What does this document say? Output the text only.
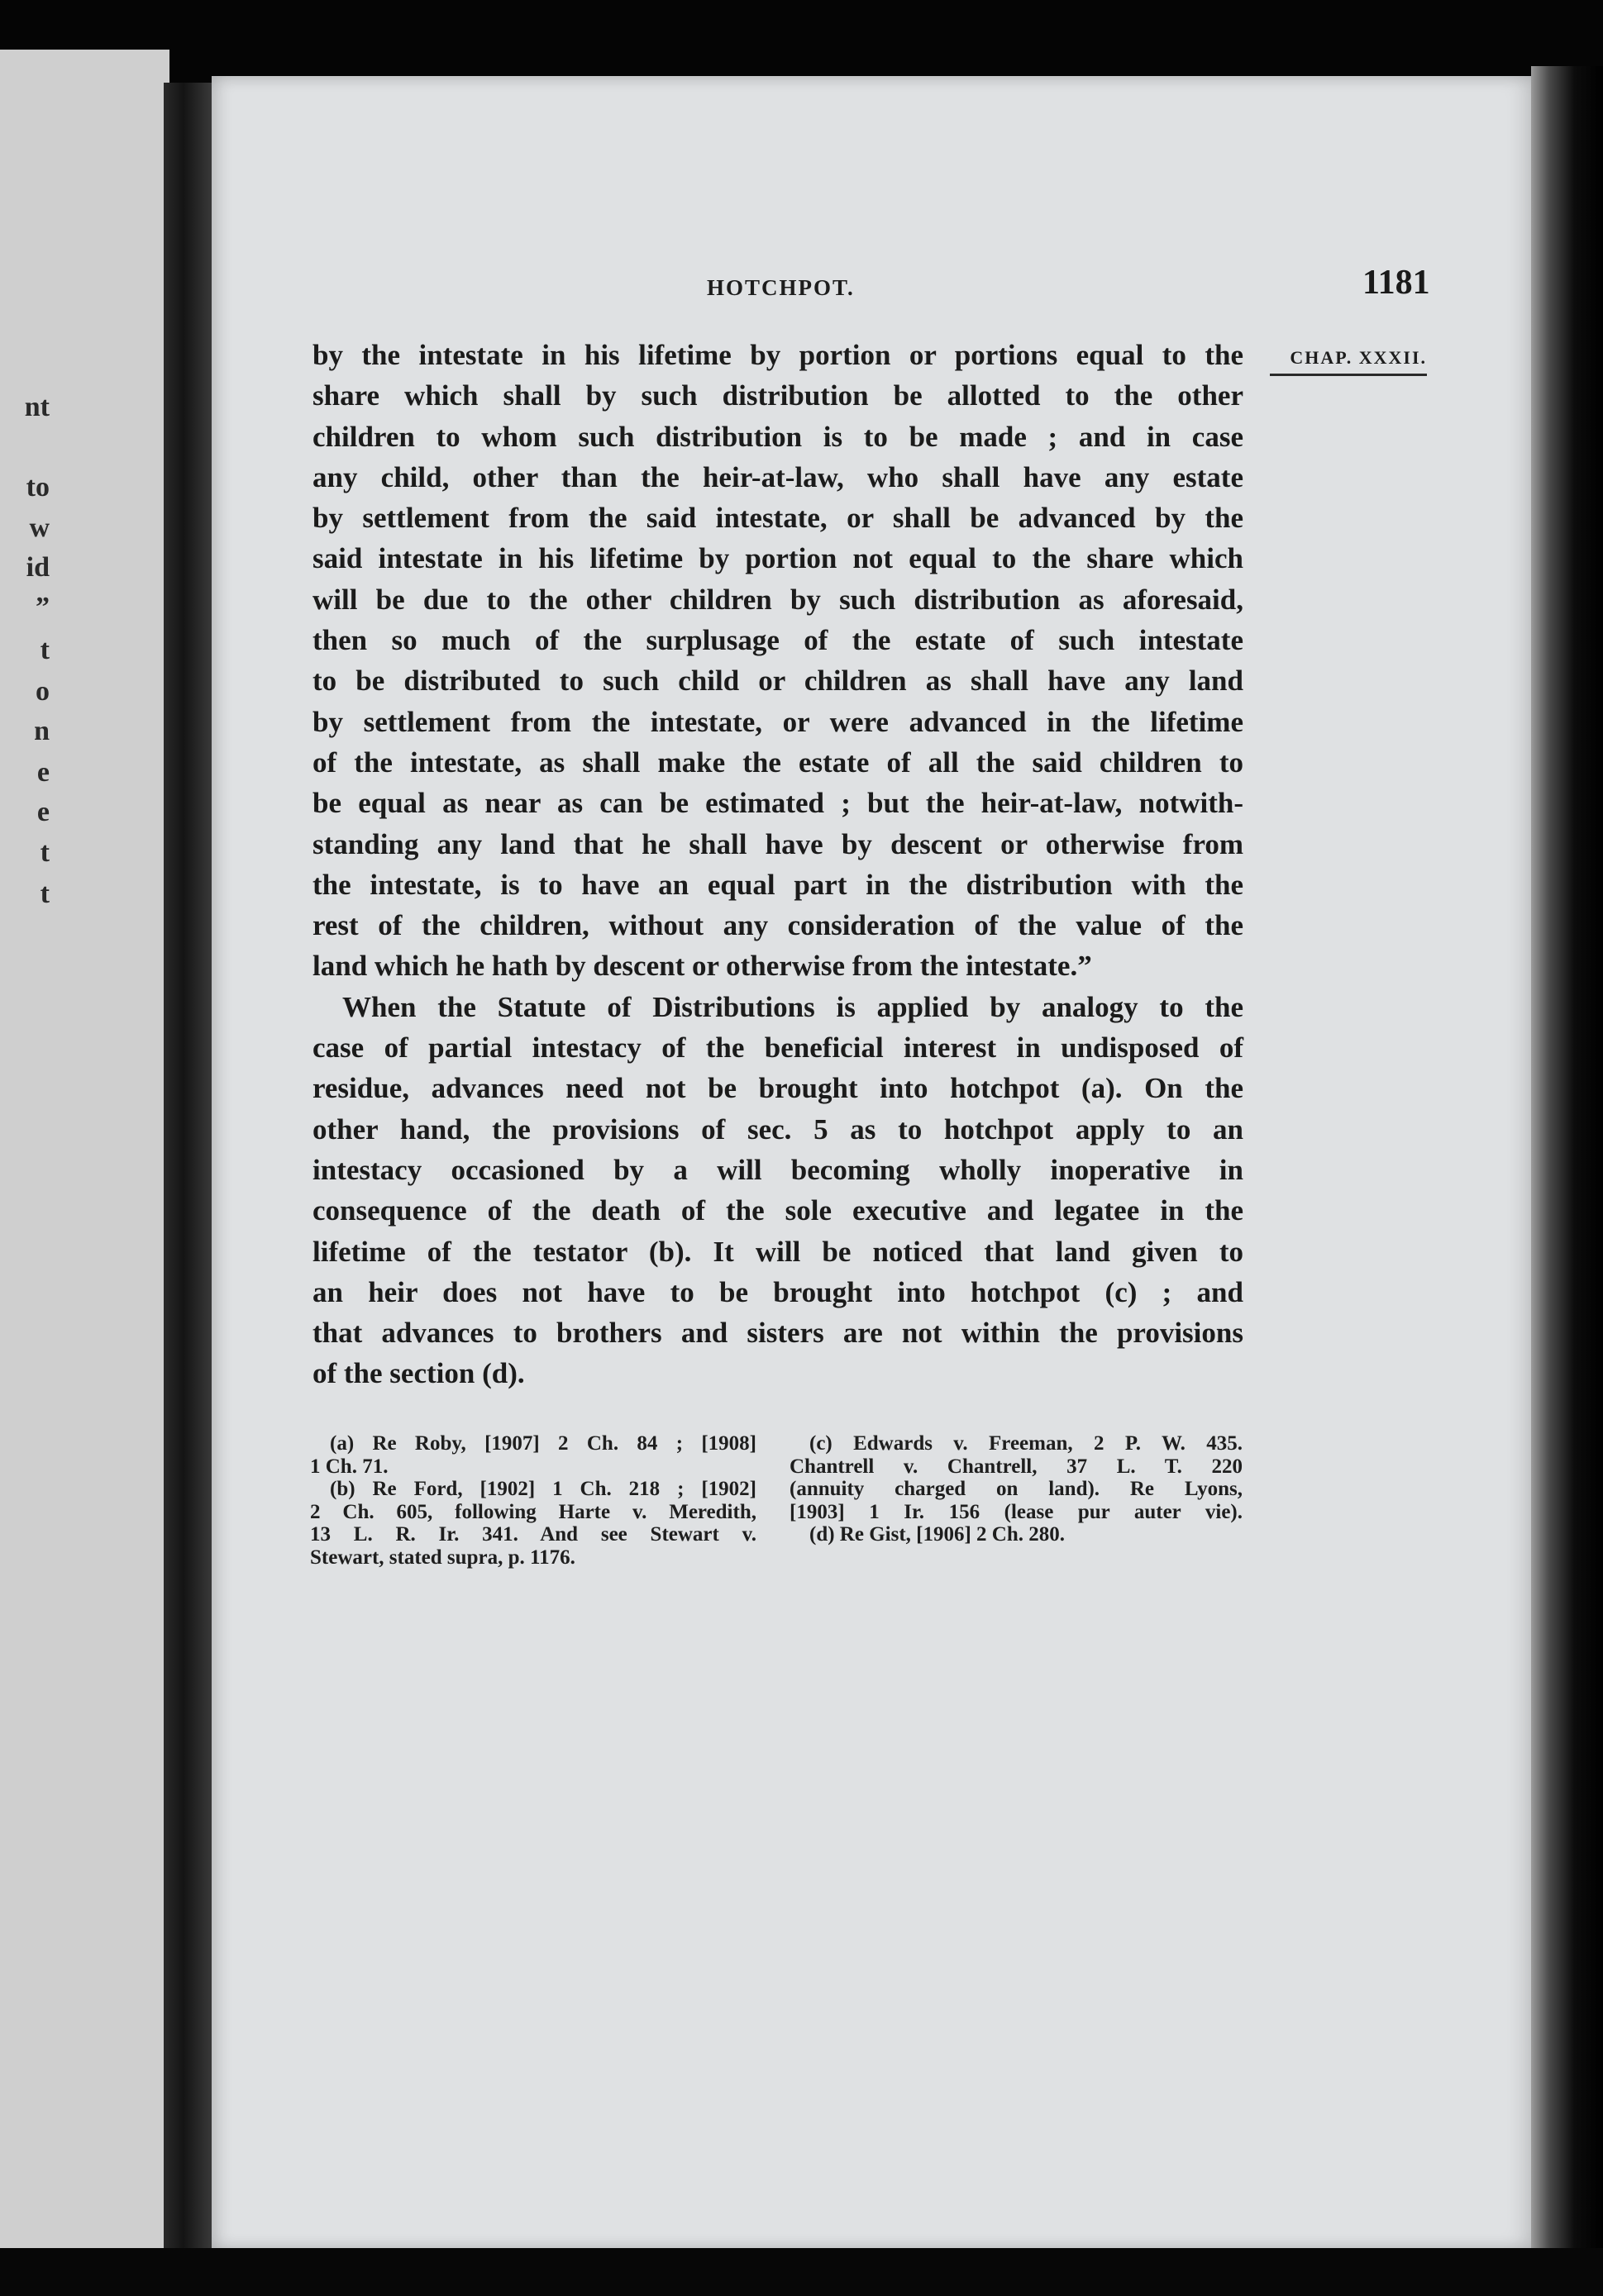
nt
to
w
id
”
t
o
n
e
e
t
t
HOTCHPOT.	1181
CHAP. XXXII.

by the intestate in his lifetime by portion or portions equal to the
share which shall by such distribution be allotted to the other
children to whom such distribution is to be made ; and in case
any child, other than the heir-at-law, who shall have any estate
by settlement from the said intestate, or shall be advanced by the
said intestate in his lifetime by portion not equal to the share which
will be due to the other children by such distribution as aforesaid,
then so much of the surplusage of the estate of such intestate
to be distributed to such child or children as shall have any land
by settlement from the intestate, or were advanced in the lifetime
of the intestate, as shall make the estate of all the said children to
be equal as near as can be estimated ; but the heir-at-law, notwith-
standing any land that he shall have by descent or otherwise from
the intestate, is to have an equal part in the distribution with the
rest of the children, without any consideration of the value of the
land which he hath by descent or otherwise from the intestate.”

When the Statute of Distributions is applied by analogy to the
case of partial intestacy of the beneficial interest in undisposed of
residue, advances need not be brought into hotchpot (a). On the
other hand, the provisions of sec. 5 as to hotchpot apply to an
intestacy occasioned by a will becoming wholly inoperative in
consequence of the death of the sole executive and legatee in the
lifetime of the testator (b). It will be noticed that land given to
an heir does not have to be brought into hotchpot (c) ; and
that advances to brothers and sisters are not within the provisions
of the section (d).

(a) Re Roby, [1907] 2 Ch. 84 ; [1908]
1 Ch. 71.
(b) Re Ford, [1902] 1 Ch. 218 ; [1902]
2 Ch. 605, following Harte v. Meredith,
13 L. R. Ir. 341. And see Stewart v.
Stewart, stated supra, p. 1176.
(c) Edwards v. Freeman, 2 P. W. 435.
Chantrell v. Chantrell, 37 L. T. 220
(annuity charged on land). Re Lyons,
[1903] 1 Ir. 156 (lease pur auter vie).
(d) Re Gist, [1906] 2 Ch. 280.
